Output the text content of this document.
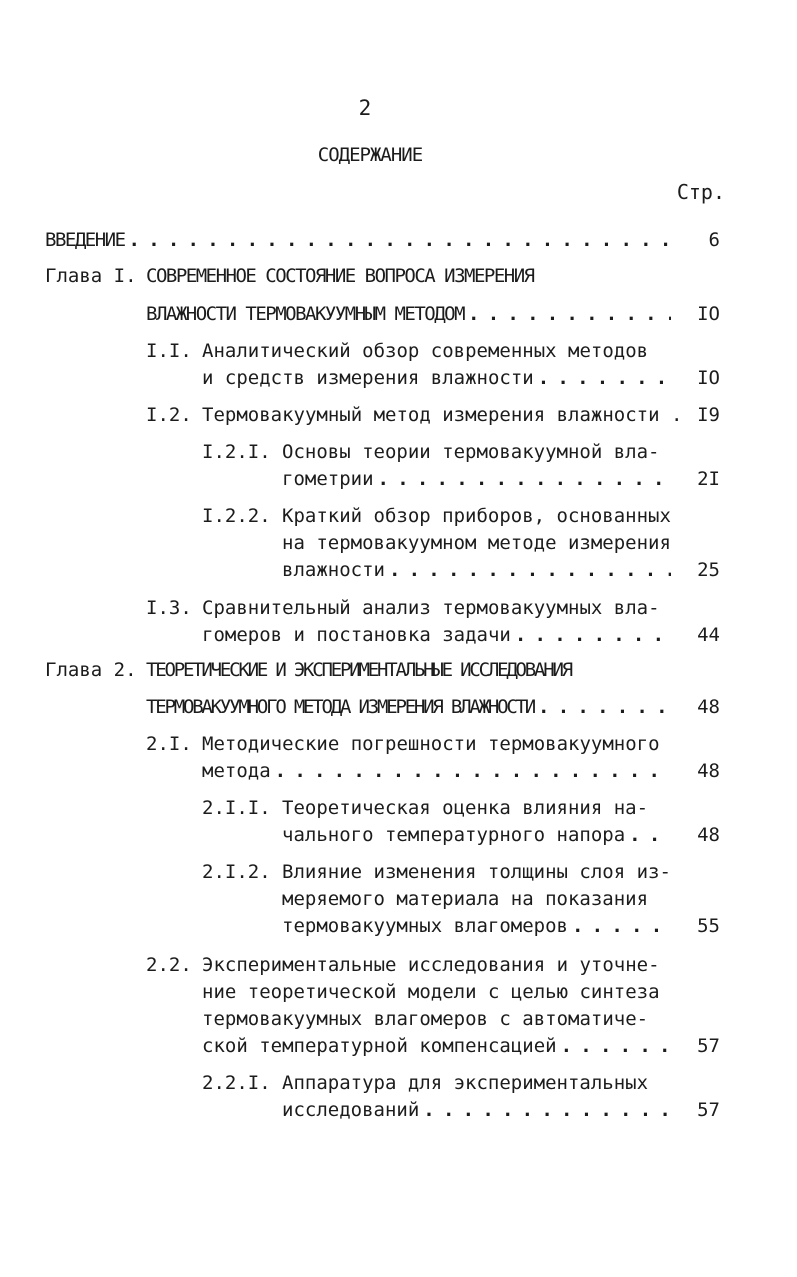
2
СОДЕРЖАНИЕ
Стр.
ВВЕДЕНИЕ . . .	6
Глава I. СОВРЕМЕННОЕ СОСТОЯНИЕ ВОПРОСА ИЗМЕРЕНИЯ
ВЛАЖНОСТИ ТЕРМОВАКУУМНЫМ МЕТОДОМ . . .	IO
I.I. Аналитический обзор современных методов
и средств измерения влажности . . .	IO
I.2. Термовакуумный метод измерения влажности . I9
I.2.I. Основы теории термовакуумной вла-
гометрии . . .	2I
I.2.2. Краткий обзор приборов, основанных
на термовакуумном методе измерения
влажности . . .	25
I.3. Сравнительный анализ термовакуумных вла-
гомеров и постановка задачи . . .	44
Глава 2. ТЕОРЕТИЧЕСКИЕ И ЭКСПЕРИМЕНТАЛЬНЫЕ ИССЛЕДОВАНИЯ
ТЕРМОВАКУУМНОГО МЕТОДА ИЗМЕРЕНИЯ ВЛАЖНОСТИ . . .	48
2.I. Методические погрешности термовакуумного
метода . . .	48
2.I.I. Теоретическая оценка влияния на-
чального температурного напора . . .	48
2.I.2. Влияние изменения толщины слоя из-
меряемого материала на показания
термовакуумных влагомеров . . .	55
2.2. Экспериментальные исследования и уточне-
ние теоретической модели с целью синтеза
термовакуумных влагомеров с автоматиче-
ской температурной компенсацией . . .	57
2.2.I. Аппаратура для экспериментальных
исследований . . .	57
